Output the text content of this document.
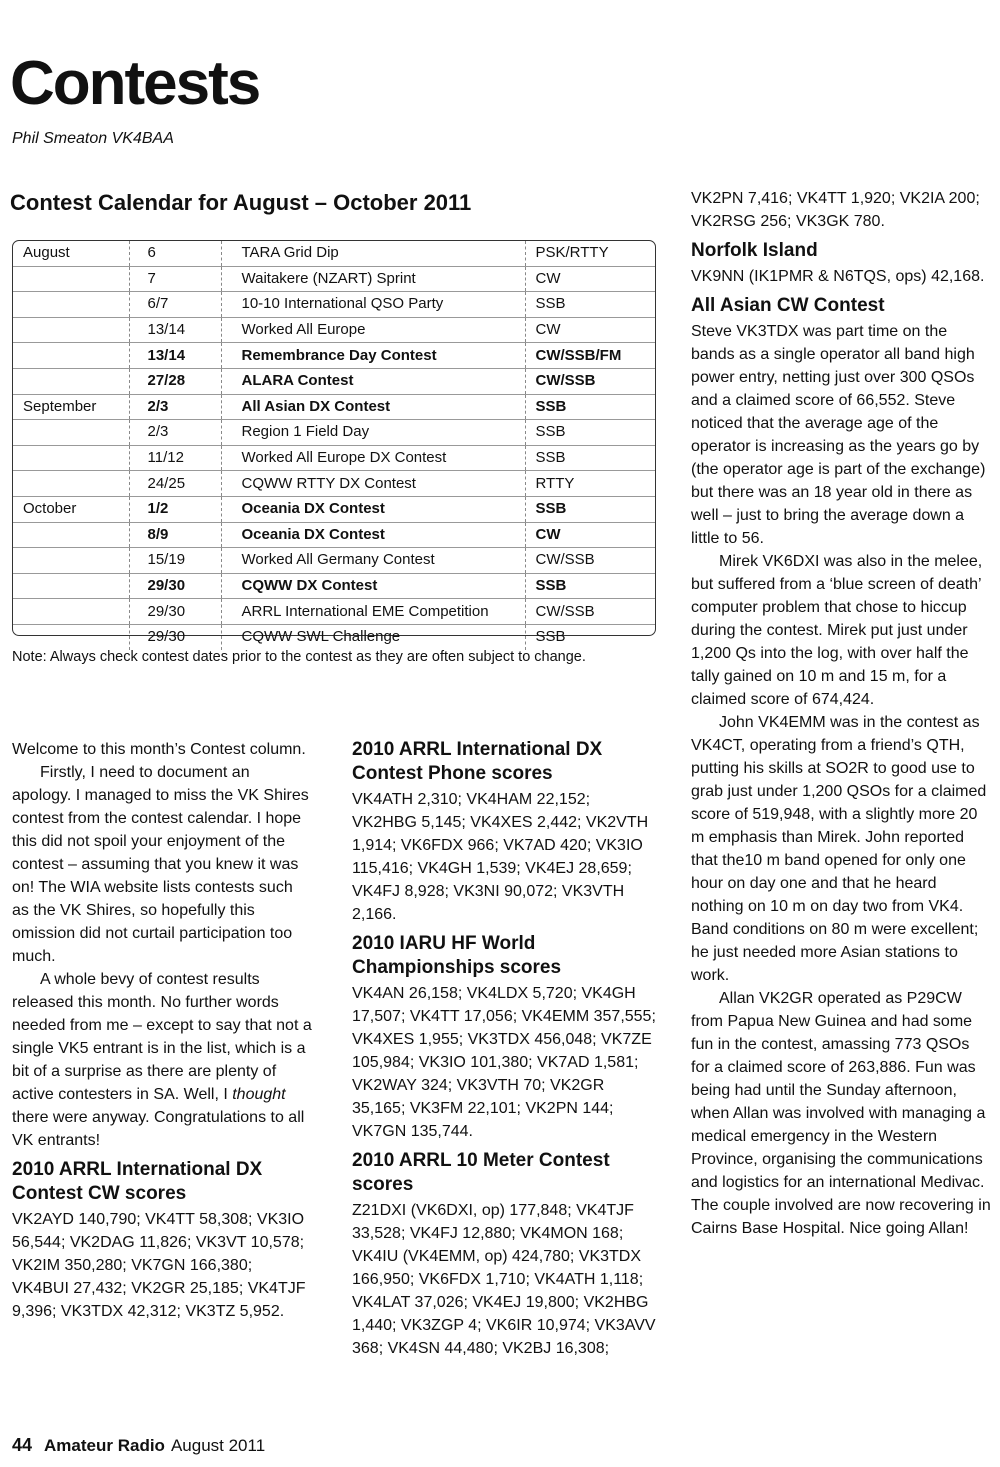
Contests
Phil Smeaton VK4BAA
Contest Calendar for August – October 2011
August	6	TARA Grid Dip	PSK/RTTY
	7	Waitakere (NZART) Sprint	CW
	6/7	10-10 International QSO Party	SSB
	13/14	Worked All Europe	CW
	13/14	Remembrance Day Contest	CW/SSB/FM
	27/28	ALARA Contest	CW/SSB
September	2/3	All Asian DX Contest	SSB
	2/3	Region 1 Field Day	SSB
	11/12	Worked All Europe DX Contest	SSB
	24/25	CQWW RTTY DX Contest	RTTY
October	1/2	Oceania DX Contest	SSB
	8/9	Oceania DX Contest	CW
	15/19	Worked All Germany Contest	CW/SSB
	29/30	CQWW DX Contest	SSB
	29/30	ARRL International EME Competition	CW/SSB
	29/30	CQWW SWL Challenge	SSB
Note: Always check contest dates prior to the contest as they are often subject to change.

Welcome to this month’s Contest column.

Firstly, I need to document an apology. I managed to miss the VK Shires contest from the contest calendar. I hope this did not spoil your enjoyment of the contest – assuming that you knew it was on! The WIA website lists contests such as the VK Shires, so hopefully this omission did not curtail participation too much.

A whole bevy of contest results released this month. No further words needed from me – except to say that not a single VK5 entrant is in the list, which is a bit of a surprise as there are plenty of active contesters in SA. Well, I thought there were anyway. Congratulations to all VK entrants!

2010 ARRL International DX Contest CW scores

VK2AYD 140,790; VK4TT 58,308; VK3IO 56,544; VK2DAG 11,826; VK3VT 10,578; VK2IM 350,280; VK7GN 166,380; VK4BUI 27,432; VK2GR 25,185; VK4TJF 9,396; VK3TDX 42,312; VK3TZ 5,952.

2010 ARRL International DX Contest Phone scores

VK4ATH 2,310; VK4HAM 22,152; VK2HBG 5,145; VK4XES 2,442; VK2VTH 1,914; VK6FDX 966; VK7AD 420; VK3IO 115,416; VK4GH 1,539; VK4EJ 28,659; VK4FJ 8,928; VK3NI 90,072; VK3VTH 2,166.

2010 IARU HF World Championships scores

VK4AN 26,158; VK4LDX 5,720; VK4GH 17,507; VK4TT 17,056; VK4EMM 357,555; VK4XES 1,955; VK3TDX 456,048; VK7ZE 105,984; VK3IO 101,380; VK7AD 1,581; VK2WAY 324; VK3VTH 70; VK2GR 35,165; VK3FM 22,101; VK2PN 144; VK7GN 135,744.

2010 ARRL 10 Meter Contest scores

Z21DXI (VK6DXI, op) 177,848; VK4TJF 33,528; VK4FJ 12,880; VK4MON 168; VK4IU (VK4EMM, op) 424,780; VK3TDX 166,950; VK6FDX 1,710; VK4ATH 1,118; VK4LAT 37,026; VK4EJ 19,800; VK2HBG 1,440; VK3ZGP 4; VK6IR 10,974; VK3AVV 368; VK4SN 44,480; VK2BJ 16,308;

VK2PN 7,416; VK4TT 1,920; VK2IA 200; VK2RSG 256; VK3GK 780.

Norfolk Island

VK9NN (IK1PMR & N6TQS, ops) 42,168.

All Asian CW Contest

Steve VK3TDX was part time on the bands as a single operator all band high power entry, netting just over 300 QSOs and a claimed score of 66,552. Steve noticed that the average age of the operator is increasing as the years go by (the operator age is part of the exchange) but there was an 18 year old in there as well – just to bring the average down a little to 56.

Mirek VK6DXI was also in the melee, but suffered from a ‘blue screen of death’ computer problem that chose to hiccup during the contest. Mirek put just under 1,200 Qs into the log, with over half the tally gained on 10 m and 15 m, for a claimed score of 674,424.

John VK4EMM was in the contest as VK4CT, operating from a friend’s QTH, putting his skills at SO2R to good use to grab just under 1,200 QSOs for a claimed score of 519,948, with a slightly more 20 m emphasis than Mirek. John reported that the10 m band opened for only one hour on day one and that he heard nothing on 10 m on day two from VK4. Band conditions on 80 m were excellent; he just needed more Asian stations to work.

Allan VK2GR operated as P29CW from Papua New Guinea and had some fun in the contest, amassing 773 QSOs for a claimed score of 263,886. Fun was being had until the Sunday afternoon, when Allan was involved with managing a medical emergency in the Western Province, organising the communications and logistics for an international Medivac. The couple involved are now recovering in Cairns Base Hospital. Nice going Allan!

44 Amateur Radio August 2011
